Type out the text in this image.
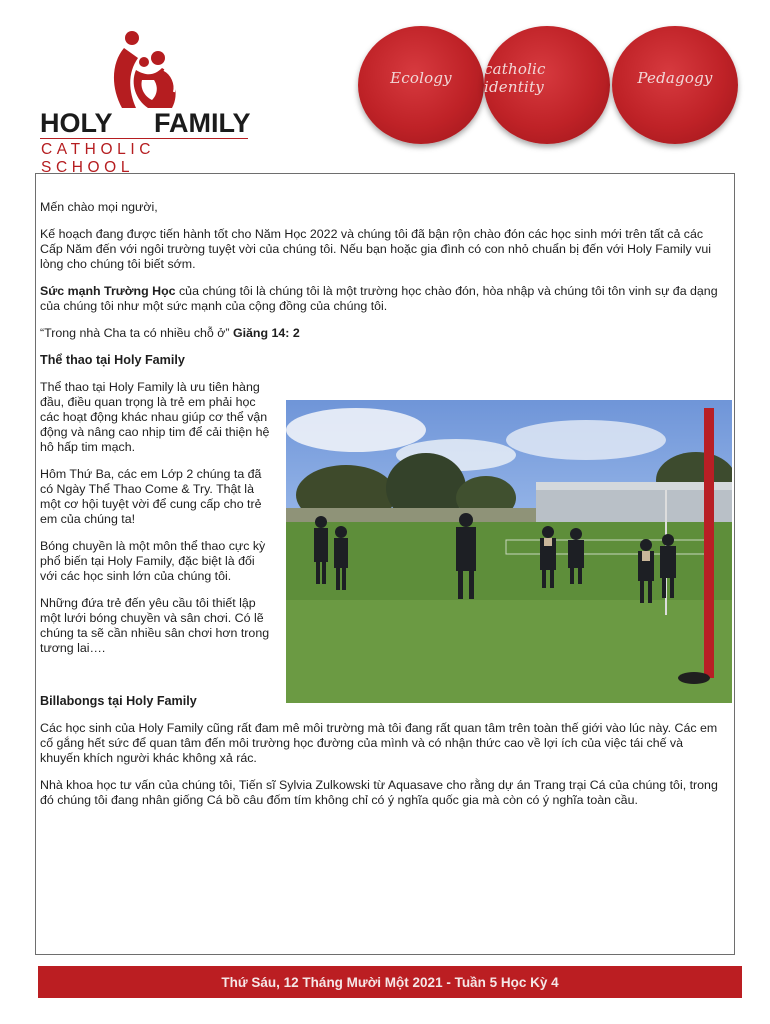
HOLY FAMILY
CATHOLIC SCHOOL
Ecology catholic identity	Pedagogy

Mến chào mọi người,

Kế hoạch đang được tiến hành tốt cho Năm Học 2022 và chúng tôi đã bận rộn chào đón các học sinh mới trên tất cả các Cấp Năm đến với ngôi trường tuyệt vời của chúng tôi. Nếu bạn hoặc gia đình có con nhỏ chuẩn bị đến với Holy Family vui lòng cho chúng tôi biết sớm.

Sức mạnh Trường Học của chúng tôi là chúng tôi là một trường học chào đón, hòa nhập và chúng tôi tôn vinh sự đa dạng của chúng tôi như một sức mạnh của cộng đồng của chúng tôi.

“Trong nhà Cha ta có nhiều chỗ ở” Giăng 14: 2

Thể thao tại Holy Family

Thể thao tại Holy Family là ưu tiên hàng đầu, điều quan trọng là trẻ em phải học các hoạt động khác nhau giúp cơ thể vận động và nâng cao nhịp tim để cải thiện hệ hô hấp tim mạch.

Hôm Thứ Ba, các em Lớp 2 chúng ta đã có Ngày Thể Thao Come & Try. Thật là một cơ hội tuyệt vời để cung cấp cho trẻ em của chúng ta!

Bóng chuyền là một môn thể thao cực kỳ phổ biến tại Holy Family, đặc biệt là đối với các học sinh lớn của chúng tôi.

Những đứa trẻ đến yêu cầu tôi thiết lập một lưới bóng chuyền và sân chơi. Có lẽ chúng ta sẽ cần nhiều sân chơi hơn trong tương lai….

Billabongs tại Holy Family

Các học sinh của Holy Family cũng rất đam mê môi trường mà tôi đang rất quan tâm trên toàn thế giới vào lúc này. Các em cố gắng hết sức để quan tâm đến môi trường học đường của mình và có nhận thức cao về lợi ích của việc tái chế và khuyến khích người khác không xả rác.

Nhà khoa học tư vấn của chúng tôi, Tiến sĩ Sylvia Zulkowski từ Aquasave cho rằng dự án Trang trại Cá của chúng tôi, trong đó chúng tôi đang nhân giống Cá bồ câu đốm tím không chỉ có ý nghĩa quốc gia mà còn có ý nghĩa toàn cầu.

Thứ Sáu, 12 Tháng Mười Một 2021 - Tuần 5 Học Kỳ 4
